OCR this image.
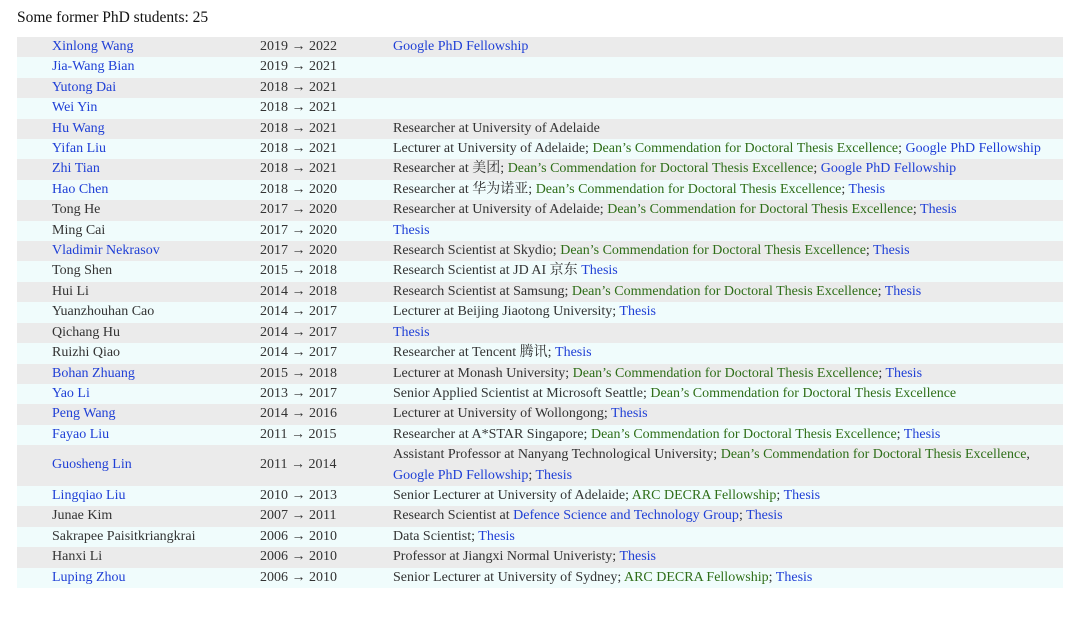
Some former PhD students: 25
	Xinlong Wang	2019 → 2022	Google PhD Fellowship
	Jia-Wang Bian	2019 → 2021	
	Yutong Dai	2018 → 2021	
	Wei Yin	2018 → 2021	
	Hu Wang	2018 → 2021	Researcher at University of Adelaide
	Yifan Liu	2018 → 2021	Lecturer at University of Adelaide; Dean’s Commendation for Doctoral Thesis Excellence; Google PhD Fellowship
	Zhi Tian	2018 → 2021	Researcher at 美团; Dean’s Commendation for Doctoral Thesis Excellence; Google PhD Fellowship
	Hao Chen	2018 → 2020	Researcher at 华为诺亚; Dean’s Commendation for Doctoral Thesis Excellence; Thesis
	Tong He	2017 → 2020	Researcher at University of Adelaide; Dean’s Commendation for Doctoral Thesis Excellence; Thesis
	Ming Cai	2017 → 2020	Thesis
	Vladimir Nekrasov	2017 → 2020	Research Scientist at Skydio; Dean’s Commendation for Doctoral Thesis Excellence; Thesis
	Tong Shen	2015 → 2018	Research Scientist at JD AI 京东 Thesis
	Hui Li	2014 → 2018	Research Scientist at Samsung; Dean’s Commendation for Doctoral Thesis Excellence; Thesis
	Yuanzhouhan Cao	2014 → 2017	Lecturer at Beijing Jiaotong University; Thesis
	Qichang Hu	2014 → 2017	Thesis
	Ruizhi Qiao	2014 → 2017	Researcher at Tencent 腾讯; Thesis
	Bohan Zhuang	2015 → 2018	Lecturer at Monash University; Dean’s Commendation for Doctoral Thesis Excellence; Thesis
	Yao Li	2013 → 2017	Senior Applied Scientist at Microsoft Seattle; Dean’s Commendation for Doctoral Thesis Excellence
	Peng Wang	2014 → 2016	Lecturer at University of Wollongong; Thesis
	Fayao Liu	2011 → 2015	Researcher at A*STAR Singapore; Dean’s Commendation for Doctoral Thesis Excellence; Thesis
	Guosheng Lin	2011 → 2014	Assistant Professor at Nanyang Technological University; Dean’s Commendation for Doctoral Thesis Excellence, Google PhD Fellowship; Thesis
	Lingqiao Liu	2010 → 2013	Senior Lecturer at University of Adelaide; ARC DECRA Fellowship; Thesis
	Junae Kim	2007 → 2011	Research Scientist at Defence Science and Technology Group; Thesis
	Sakrapee Paisitkriangkrai	2006 → 2010	Data Scientist; Thesis
	Hanxi Li	2006 → 2010	Professor at Jiangxi Normal Univeristy; Thesis
	Luping Zhou	2006 → 2010	Senior Lecturer at University of Sydney; ARC DECRA Fellowship; Thesis
